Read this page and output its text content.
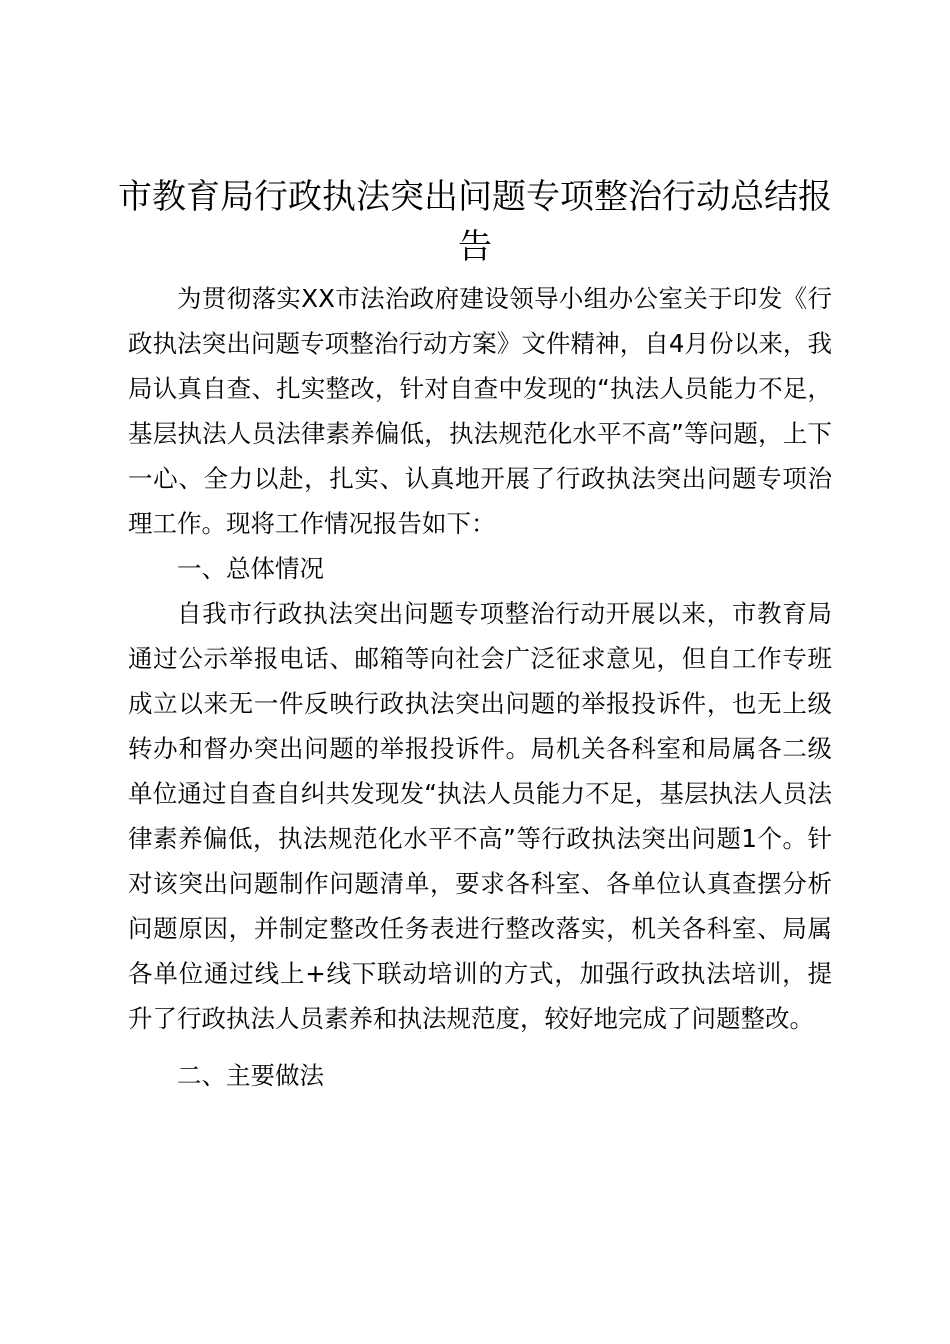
市教育局行政执法突出问题专项整治行动总结报告

为贯彻落实XX市法治政府建设领导小组办公室关于印发《行政执法突出问题专项整治行动方案》文件精神，自4月份以来，我局认真自查、扎实整改，针对自查中发现的“执法人员能力不足，基层执法人员法律素养偏低，执法规范化水平不高”等问题，上下一心、全力以赴，扎实、认真地开展了行政执法突出问题专项治理工作。现将工作情况报告如下：

一、总体情况

自我市行政执法突出问题专项整治行动开展以来，市教育局通过公示举报电话、邮箱等向社会广泛征求意见，但自工作专班成立以来无一件反映行政执法突出问题的举报投诉件，也无上级转办和督办突出问题的举报投诉件。局机关各科室和局属各二级单位通过自查自纠共发现发“执法人员能力不足，基层执法人员法律素养偏低，执法规范化水平不高”等行政执法突出问题1个。针对该突出问题制作问题清单，要求各科室、各单位认真查摆分析问题原因，并制定整改任务表进行整改落实，机关各科室、局属各单位通过线上+线下联动培训的方式，加强行政执法培训，提升了行政执法人员素养和执法规范度，较好地完成了问题整改。

二、主要做法
